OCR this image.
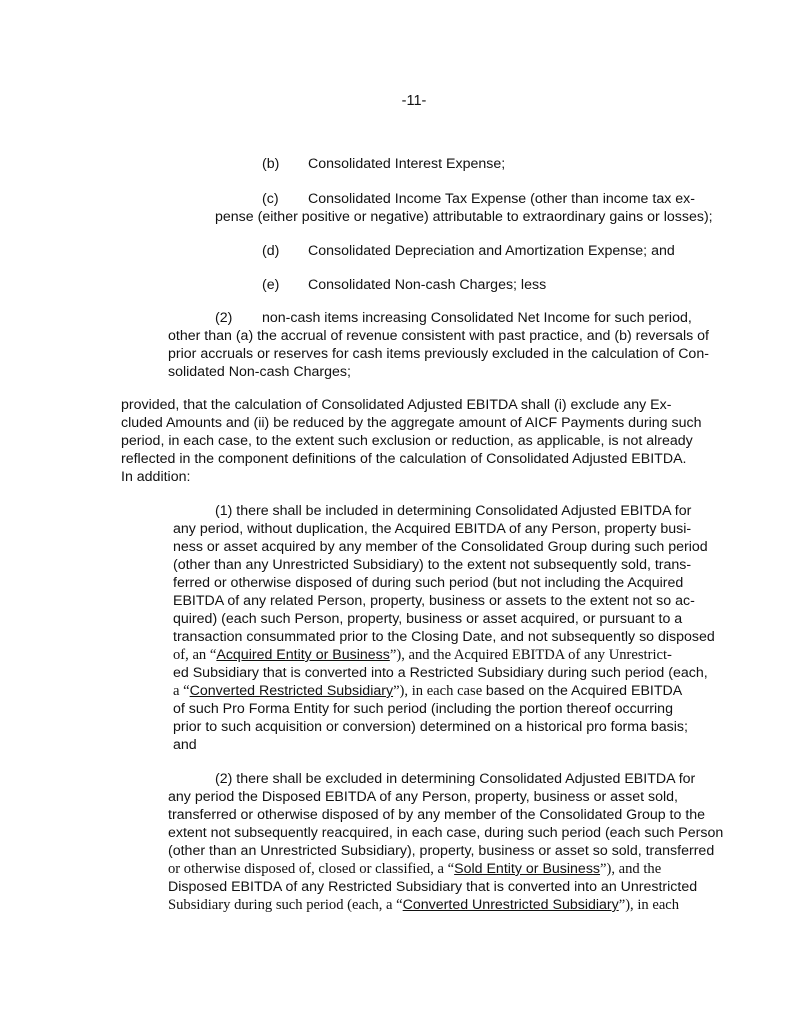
-11-
(b) Consolidated Interest Expense;
(c) Consolidated Income Tax Expense (other than income tax ex-
pense (either positive or negative) attributable to extraordinary gains or losses);
(d) Consolidated Depreciation and Amortization Expense; and
(e) Consolidated Non-cash Charges; less
(2) non-cash items increasing Consolidated Net Income for such period,
other than (a) the accrual of revenue consistent with past practice, and (b) reversals of
prior accruals or reserves for cash items previously excluded in the calculation of Con-
solidated Non-cash Charges;
provided, that the calculation of Consolidated Adjusted EBITDA shall (i) exclude any Ex-
cluded Amounts and (ii) be reduced by the aggregate amount of AICF Payments during such
period, in each case, to the extent such exclusion or reduction, as applicable, is not already
reflected in the component definitions of the calculation of Consolidated Adjusted EBITDA.
In addition:
(1) there shall be included in determining Consolidated Adjusted EBITDA for
any period, without duplication, the Acquired EBITDA of any Person, property busi-
ness or asset acquired by any member of the Consolidated Group during such period
(other than any Unrestricted Subsidiary) to the extent not subsequently sold, trans-
ferred or otherwise disposed of during such period (but not including the Acquired
EBITDA of any related Person, property, business or assets to the extent not so ac-
quired) (each such Person, property, business or asset acquired, or pursuant to a
transaction consummated prior to the Closing Date, and not subsequently so disposed
of, an “Acquired Entity or Business”), and the Acquired EBITDA of any Unrestrict-
ed Subsidiary that is converted into a Restricted Subsidiary during such period (each,
a “Converted Restricted Subsidiary”), in each case based on the Acquired EBITDA
of such Pro Forma Entity for such period (including the portion thereof occurring
prior to such acquisition or conversion) determined on a historical pro forma basis;
and
(2) there shall be excluded in determining Consolidated Adjusted EBITDA for
any period the Disposed EBITDA of any Person, property, business or asset sold,
transferred or otherwise disposed of by any member of the Consolidated Group to the
extent not subsequently reacquired, in each case, during such period (each such Person
(other than an Unrestricted Subsidiary), property, business or asset so sold, transferred
or otherwise disposed of, closed or classified, a “Sold Entity or Business”), and the
Disposed EBITDA of any Restricted Subsidiary that is converted into an Unrestricted
Subsidiary during such period (each, a “Converted Unrestricted Subsidiary”), in each
